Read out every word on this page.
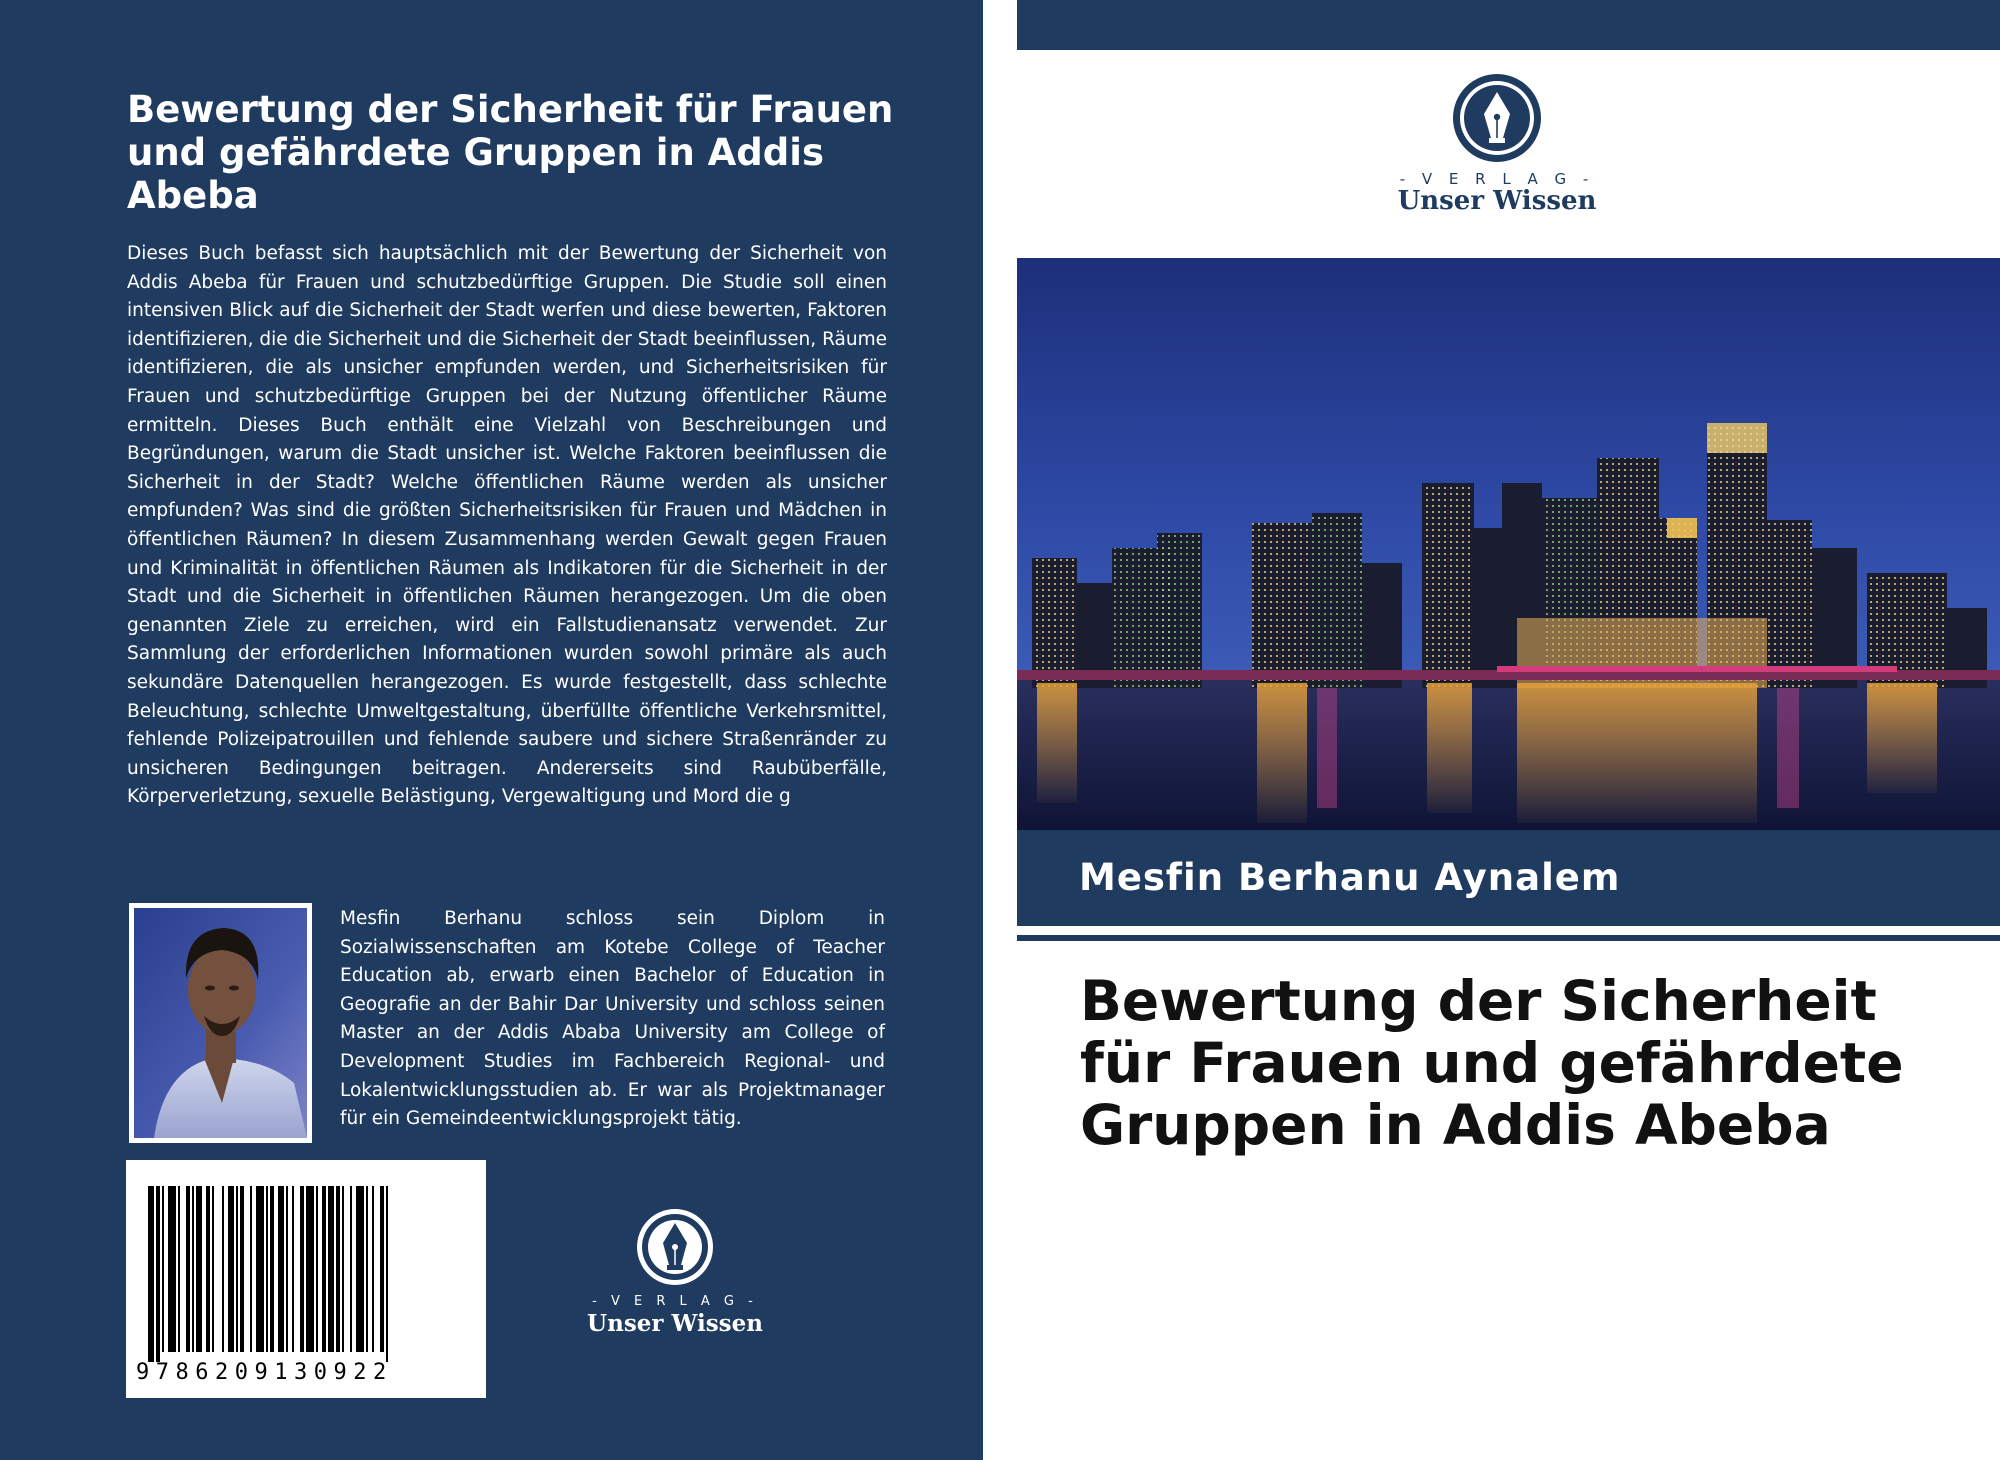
Bewertung der Sicherheit für Frauen und gefährdete Gruppen in Addis Abeba

Dieses Buch befasst sich hauptsächlich mit der Bewertung der Sicherheit von Addis Abeba für Frauen und schutzbedürftige Gruppen. Die Studie soll einen intensiven Blick auf die Sicherheit der Stadt werfen und diese bewerten, Faktoren identifizieren, die die Sicherheit und die Sicherheit der Stadt beeinflussen, Räume identifizieren, die als unsicher empfunden werden, und Sicherheitsrisiken für Frauen und schutzbedürftige Gruppen bei der Nutzung öffentlicher Räume ermitteln. Dieses Buch enthält eine Vielzahl von Beschreibungen und Begründungen, warum die Stadt unsicher ist. Welche Faktoren beeinflussen die Sicherheit in der Stadt? Welche öffentlichen Räume werden als unsicher empfunden? Was sind die größten Sicherheitsrisiken für Frauen und Mädchen in öffentlichen Räumen? In diesem Zusammenhang werden Gewalt gegen Frauen und Kriminalität in öffentlichen Räumen als Indikatoren für die Sicherheit in der Stadt und die Sicherheit in öffentlichen Räumen herangezogen. Um die oben genannten Ziele zu erreichen, wird ein Fallstudienansatz verwendet. Zur Sammlung der erforderlichen Informationen wurden sowohl primäre als auch sekundäre Datenquellen herangezogen. Es wurde festgestellt, dass schlechte Beleuchtung, schlechte Umweltgestaltung, überfüllte öffentliche Verkehrsmittel, fehlende Polizeipatrouillen und fehlende saubere und sichere Straßenränder zu unsicheren Bedingungen beitragen. Andererseits sind Raubüberfälle, Körperverletzung, sexuelle Belästigung, Vergewaltigung und Mord die g

Mesfin Berhanu schloss sein Diplom in Sozialwissenschaften am Kotebe College of Teacher Education ab, erwarb einen Bachelor of Education in Geografie an der Bahir Dar University und schloss seinen Master an der Addis Ababa University am College of Development Studies im Fachbereich Regional- und Lokalentwicklungsstudien ab. Er war als Projektmanager für ein Gemeindeentwicklungsprojekt tätig.

9786209130922
- V E R L A G -
Unser Wissen
- V E R L A G -
Unser Wissen
Mesfin Berhanu Aynalem
Bewertung der Sicherheit für Frauen und gefährdete Gruppen in Addis Abeba
